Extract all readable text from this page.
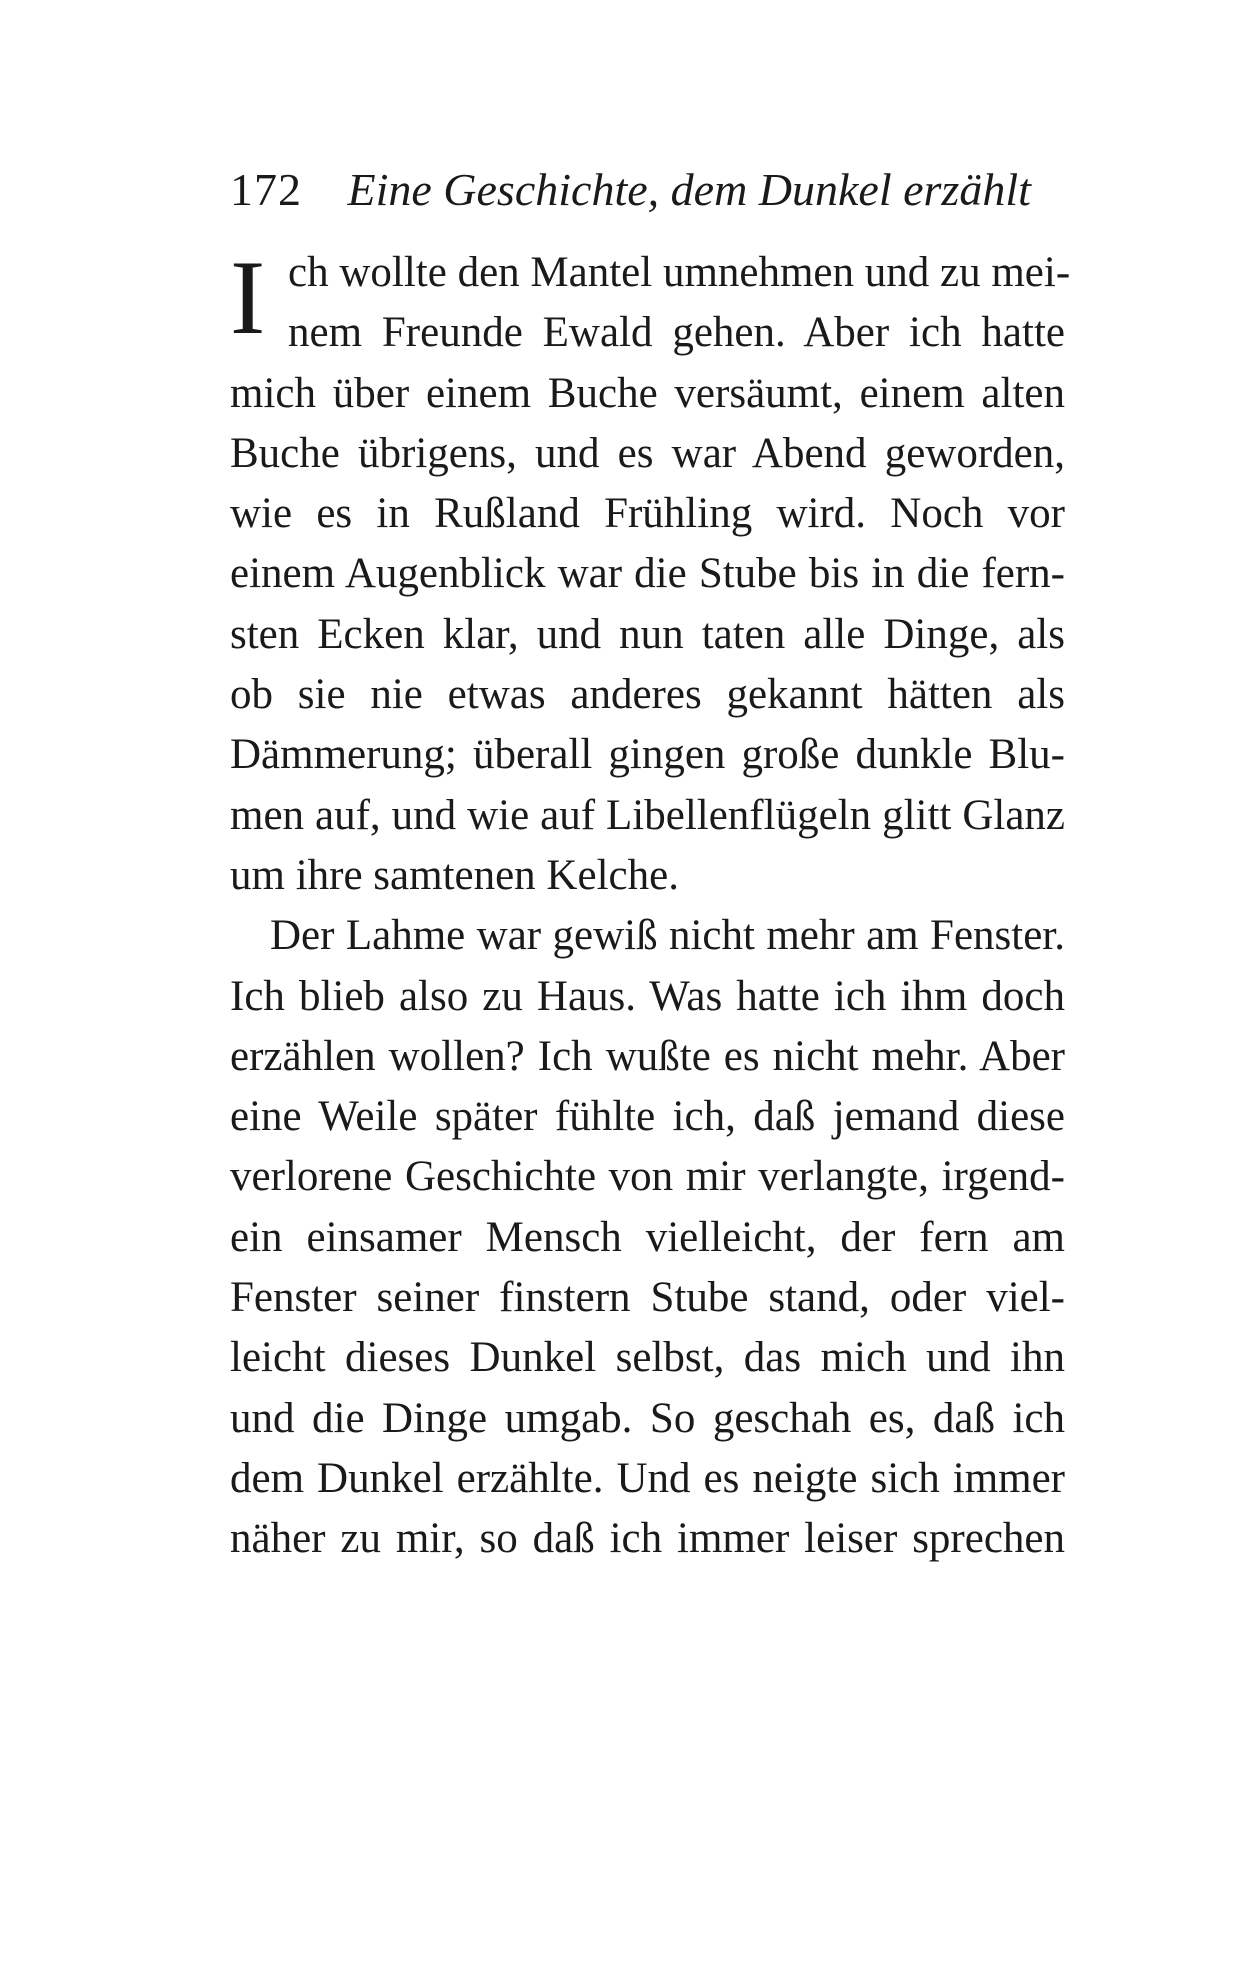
172 Eine Geschichte, dem Dunkel erzählt
I ch wollte den Mantel umnehmen und zu mei-
nem Freunde Ewald gehen. Aber ich hatte
mich über einem Buche versäumt, einem alten
Buche übrigens, und es war Abend geworden,
wie es in Rußland Frühling wird. Noch vor
einem Augenblick war die Stube bis in die fern-
sten Ecken klar, und nun taten alle Dinge, als
ob sie nie etwas anderes gekannt hätten als
Dämmerung; überall gingen große dunkle Blu-
men auf, und wie auf Libellenflügeln glitt Glanz
um ihre samtenen Kelche.
Der Lahme war gewiß nicht mehr am Fenster.
Ich blieb also zu Haus. Was hatte ich ihm doch
erzählen wollen? Ich wußte es nicht mehr. Aber
eine Weile später fühlte ich, daß jemand diese
verlorene Geschichte von mir verlangte, irgend-
ein einsamer Mensch vielleicht, der fern am
Fenster seiner finstern Stube stand, oder viel-
leicht dieses Dunkel selbst, das mich und ihn
und die Dinge umgab. So geschah es, daß ich
dem Dunkel erzählte. Und es neigte sich immer
näher zu mir, so daß ich immer leiser sprechen
